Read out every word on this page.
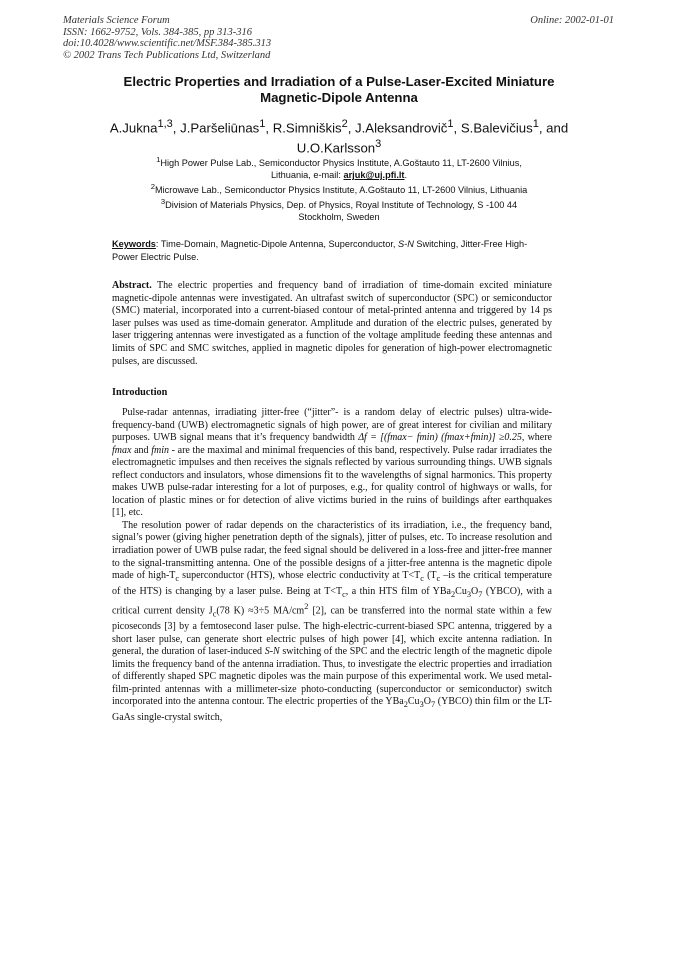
Materials Science Forum
ISSN: 1662-9752, Vols. 384-385, pp 313-316
doi:10.4028/www.scientific.net/MSF.384-385.313
© 2002 Trans Tech Publications Ltd, Switzerland
Online: 2002-01-01
Electric Properties and Irradiation of a Pulse-Laser-Excited Miniature
Magnetic-Dipole Antenna
A.Jukna$^{1,3}$, J.Paršeliūnas$^1$, R.Simniškis$^2$, J.Aleksandrovič$^1$, S.Balevičius$^1$, and
U.O.Karlsson$^3$
$^1$High Power Pulse Lab., Semiconductor Physics Institute, A.Goštauto 11, LT-2600 Vilnius,
Lithuania, e-mail: arjuk@uj.pfi.lt.
$^2$Microwave Lab., Semiconductor Physics Institute, A.Goštauto 11, LT-2600 Vilnius, Lithuania
$^3$Division of Materials Physics, Dep. of Physics, Royal Institute of Technology, S -100 44
Stockholm, Sweden
Keywords: Time-Domain, Magnetic-Dipole Antenna, Superconductor, S-N Switching, Jitter-Free High-Power Electric Pulse.
Abstract. The electric properties and frequency band of irradiation of time-domain excited miniature magnetic-dipole antennas were investigated. An ultrafast switch of superconductor (SPC) or semiconductor (SMC) material, incorporated into a current-biased contour of metal-printed antenna and triggered by 14 ps laser pulses was used as time-domain generator. Amplitude and duration of the electric pulses, generated by laser triggering antennas were investigated as a function of the voltage amplitude feeding these antennas and limits of SPC and SMC switches, applied in magnetic dipoles for generation of high-power electromagnetic pulses, are discussed.
Introduction

Pulse-radar antennas, irradiating jitter-free (“jitter”- is a random delay of electric pulses) ultra-wide-frequency-band (UWB) electromagnetic signals of high power, are of great interest for civilian and military purposes. UWB signal means that it’s frequency bandwidth Δf = [(fmax− fmin) (fmax+fmin)] ≥0.25, where fmax and fmin - are the maximal and minimal frequencies of this band, respectively. Pulse radar irradiates the electromagnetic impulses and then receives the signals reflected by various surrounding things. UWB signals reflect conductors and insulators, whose dimensions fit to the wavelengths of signal harmonics. This property makes UWB pulse-radar interesting for a lot of purposes, e.g., for quality control of highways or walls, for location of plastic mines or for detection of alive victims buried in the ruins of buildings after earthquakes [1], etc.

The resolution power of radar depends on the characteristics of its irradiation, i.e., the frequency band, signal’s power (giving higher penetration depth of the signals), jitter of pulses, etc. To increase resolution and irradiation power of UWB pulse radar, the feed signal should be delivered in a loss-free and jitter-free manner to the signal-transmitting antenna. One of the possible designs of a jitter-free antenna is the magnetic dipole made of high-$T_c$ superconductor (HTS), whose electric conductivity at $T<T_c$ ($T_c$ –is the critical temperature of the HTS) is changing by a laser pulse. Being at $T<T_c$, a thin HTS film of $YBa_2Cu_3O_7$ (YBCO), with a critical current density $J_c(78$ K) ≈3÷5 $MA/cm^2$ [2], can be transferred into the normal state within a few picoseconds [3] by a femtosecond laser pulse. The high-electric-current-biased SPC antenna, triggered by a short laser pulse, can generate short electric pulses of high power [4], which excite antenna radiation. In general, the duration of laser-induced S-N switching of the SPC and the electric length of the magnetic dipole limits the frequency band of the antenna irradiation. Thus, to investigate the electric properties and irradiation of differently shaped SPC magnetic dipoles was the main purpose of this experimental work. We used metal-film-printed antennas with a millimeter-size photo-conducting (superconductor or semiconductor) switch incorporated into the antenna contour. The electric properties of the $YBa_2Cu_3O_7$ (YBCO) thin film or the LT-GaAs single-crystal switch,
